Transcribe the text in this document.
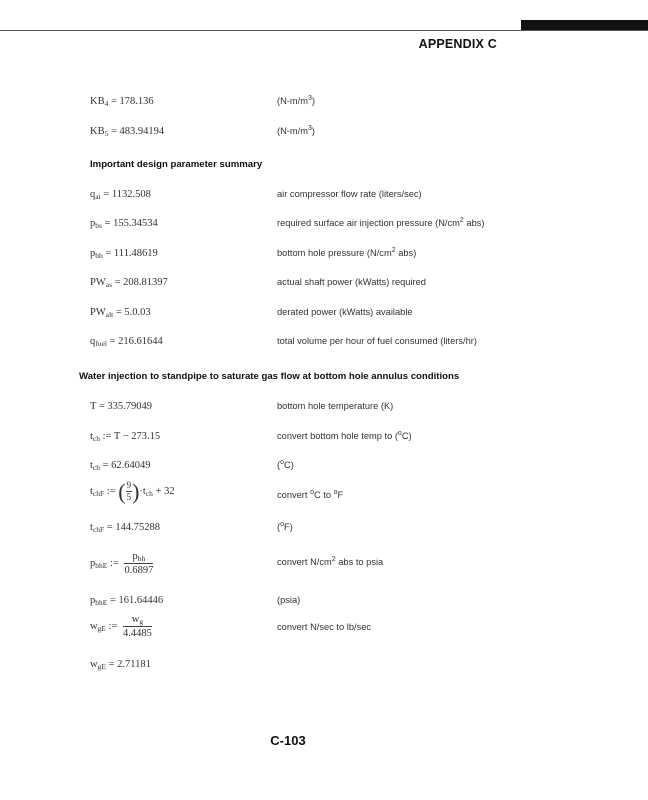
APPENDIX C
KB4 = 178.136	$(N-m/m^3)$
KB5 = 483.94194	$(N-m/m^3)$
Important design parameter summary
qai = 1132.508	air compressor flow rate (liters/sec)
pbs = 155.34534	required surface air injection pressure ($N/cm^2$ abs)
pbh = 111.48619	bottom hole pressure ($N/cm^2$ abs)
PWas = 208.81397	actual shaft power (kWatts) required
PWalt = 5.0.03	derated power (kWatts) available
qfuel = 216.61644	total volume per hour of fuel consumed (liters/hr)
Water injection to standpipe to saturate gas flow at bottom hole annulus conditions
T = 335.79049	bottom hole temperature (K)
tch := T − 273.15	convert bottom hole temp to ($^o$C)
tch = 62.64049	($^o$C)
tchF := ( $\frac{9}{5} )\cdot tch + 32$	convert $^o$C to $^o$F
tchF = 144.75288	($^o$F)
pbhE := $\frac{\text{pbh}}{0.6897}$	convert $N/cm^2$ abs to psia
pbhE = 161.64446	(psia)
wgE := $\frac{wg}{4.4485}$	convert N/sec to lb/sec
wgE = 2.71181
C-103
